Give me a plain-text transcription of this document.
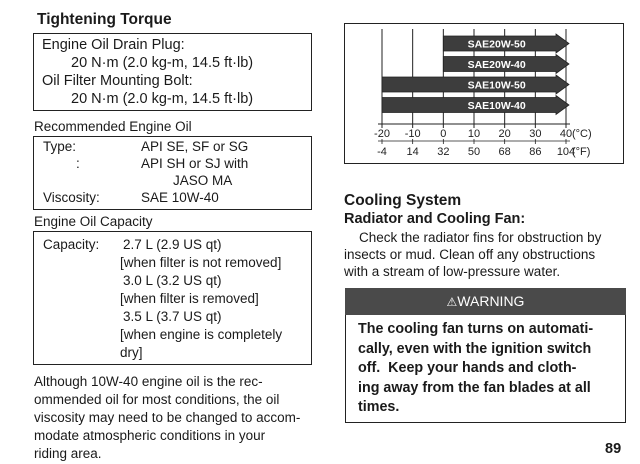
Tightening Torque
Engine Oil Drain Plug:
20 N·m (2.0 kg-m, 14.5 ft·lb)
Oil Filter Mounting Bolt:
20 N·m (2.0 kg-m, 14.5 ft·lb)
Recommended Engine Oil
Type:	API SE, SF or SG
:	API SH or SJ with
JASO MA
Viscosity:	SAE 10W-40
Engine Oil Capacity
Capacity: 2.7 L (2.9 US qt)
[when filter is not removed]
3.0 L (3.2 US qt)
[when filter is removed]
3.5 L (3.7 US qt)
[when engine is completely
dry]
Although 10W-40 engine oil is the rec-
ommended oil for most conditions, the oil
viscosity may need to be changed to accom-
modate atmospheric conditions in your
riding area.
SAE20W-50
SAE20W-40
SAE10W-50
SAE10W-40
-20 -10 0 10 20 30 40 (°C)
-4 14 32 50 68 86 104
(°F)
Cooling System
Radiator and Cooling Fan:
Check the radiator fins for obstruction by
insects or mud. Clean off any obstructions
with a stream of low-pressure water.
⚠WARNING
The cooling fan turns on automati-
cally, even with the ignition switch
off.  Keep your hands and cloth-
ing away from the fan blades at all
times.
89
